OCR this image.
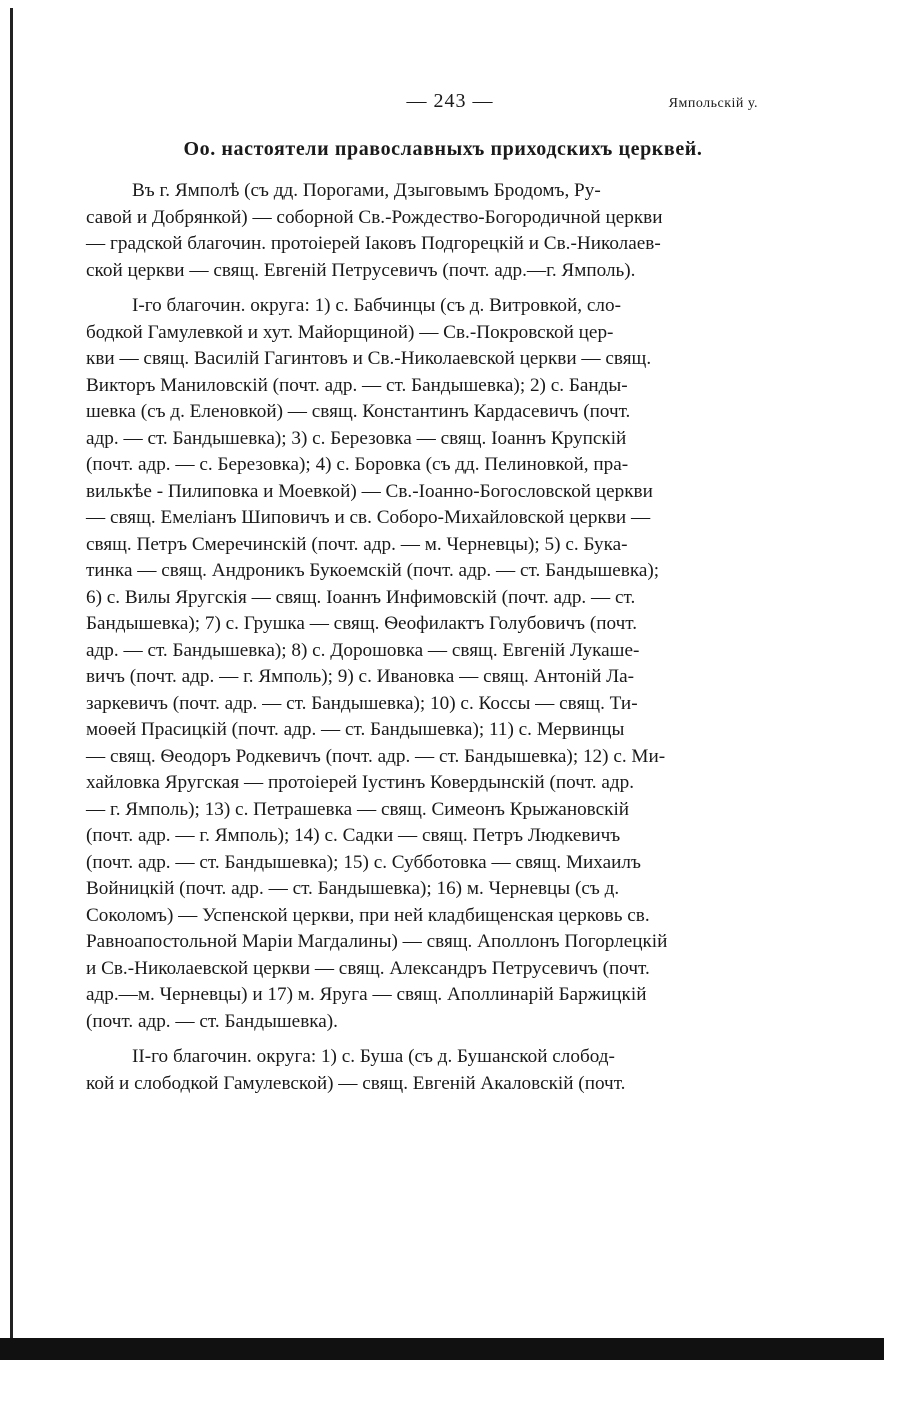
— 243 —	Ямпольскій у.
Оо. настоятели православныхъ приходскихъ церквей.

Въ г. Ямполѣ (съ дд. Порогами, Дзыговымъ Бродомъ, Ру-
савой и Добрянкой) — соборной Св.-Рождество-Богородичной церкви
— градской благочин. протоіерей Іаковъ Подгорецкій и Св.-Николаев-
ской церкви — свящ. Евгеній Петрусевичъ (почт. адр.—г. Ямполь).

І-го благочин. округа: 1) с. Бабчинцы (съ д. Витровкой, сло-
бодкой Гамулевкой и хут. Майорщиной) — Св.-Покровской цер-
кви — свящ. Василій Гагинтовъ и Св.-Николаевской церкви — свящ.
Викторъ Маниловскій (почт. адр. — ст. Бандышевка); 2) с. Банды-
шевка (съ д. Еленовкой) — свящ. Константинъ Кардасевичъ (почт.
адр. — ст. Бандышевка); 3) с. Березовка — свящ. Іоаннъ Крупскій
(почт. адр. — с. Березовка); 4) с. Боровка (съ дд. Пелиновкой, пра-
вилькѣе - Пилиповка и Моевкой) — Св.-Іоанно-Богословской церкви
— свящ. Емеліанъ Шиповичъ и св. Соборо-Михайловской церкви —
свящ. Петръ Смеречинскій (почт. адр. — м. Черневцы); 5) с. Бука-
тинка — свящ. Андроникъ Букоемскій (почт. адр. — ст. Бандышевка);
6) с. Вилы Яругскія — свящ. Іоаннъ Инфимовскій (почт. адр. — ст.
Бандышевка); 7) с. Грушка — свящ. Ѳеофилактъ Голубовичъ (почт.
адр. — ст. Бандышевка); 8) с. Дорошовка — свящ. Евгеній Лукаше-
вичъ (почт. адр. — г. Ямполь); 9) с. Ивановка — свящ. Антоній Ла-
заркевичъ (почт. адр. — ст. Бандышевка); 10) с. Коссы — свящ. Ти-
моѳей Прасицкій (почт. адр. — ст. Бандышевка); 11) с. Мервинцы
— свящ. Ѳеодоръ Родкевичъ (почт. адр. — ст. Бандышевка); 12) с. Ми-
хайловка Яругская — протоіерей Іустинъ Ковердынскій (почт. адр.
— г. Ямполь); 13) с. Петрашевка — свящ. Симеонъ Крыжановскій
(почт. адр. — г. Ямполь); 14) с. Садки — свящ. Петръ Людкевичъ
(почт. адр. — ст. Бандышевка); 15) с. Субботовка — свящ. Михаилъ
Войницкій (почт. адр. — ст. Бандышевка); 16) м. Черневцы (съ д.
Соколомъ) — Успенской церкви, при ней кладбищенская церковь св.
Равноапостольной Маріи Магдалины) — свящ. Аполлонъ Погорлецкій
и Св.-Николаевской церкви — свящ. Александръ Петрусевичъ (почт.
адр.—м. Черневцы) и 17) м. Яруга — свящ. Аполлинарій Баржицкій
(почт. адр. — ст. Бандышевка).

ІІ-го благочин. округа: 1) с. Буша (съ д. Бушанской слобод-
кой и слободкой Гамулевской) — свящ. Евгеній Акаловскій (почт.
